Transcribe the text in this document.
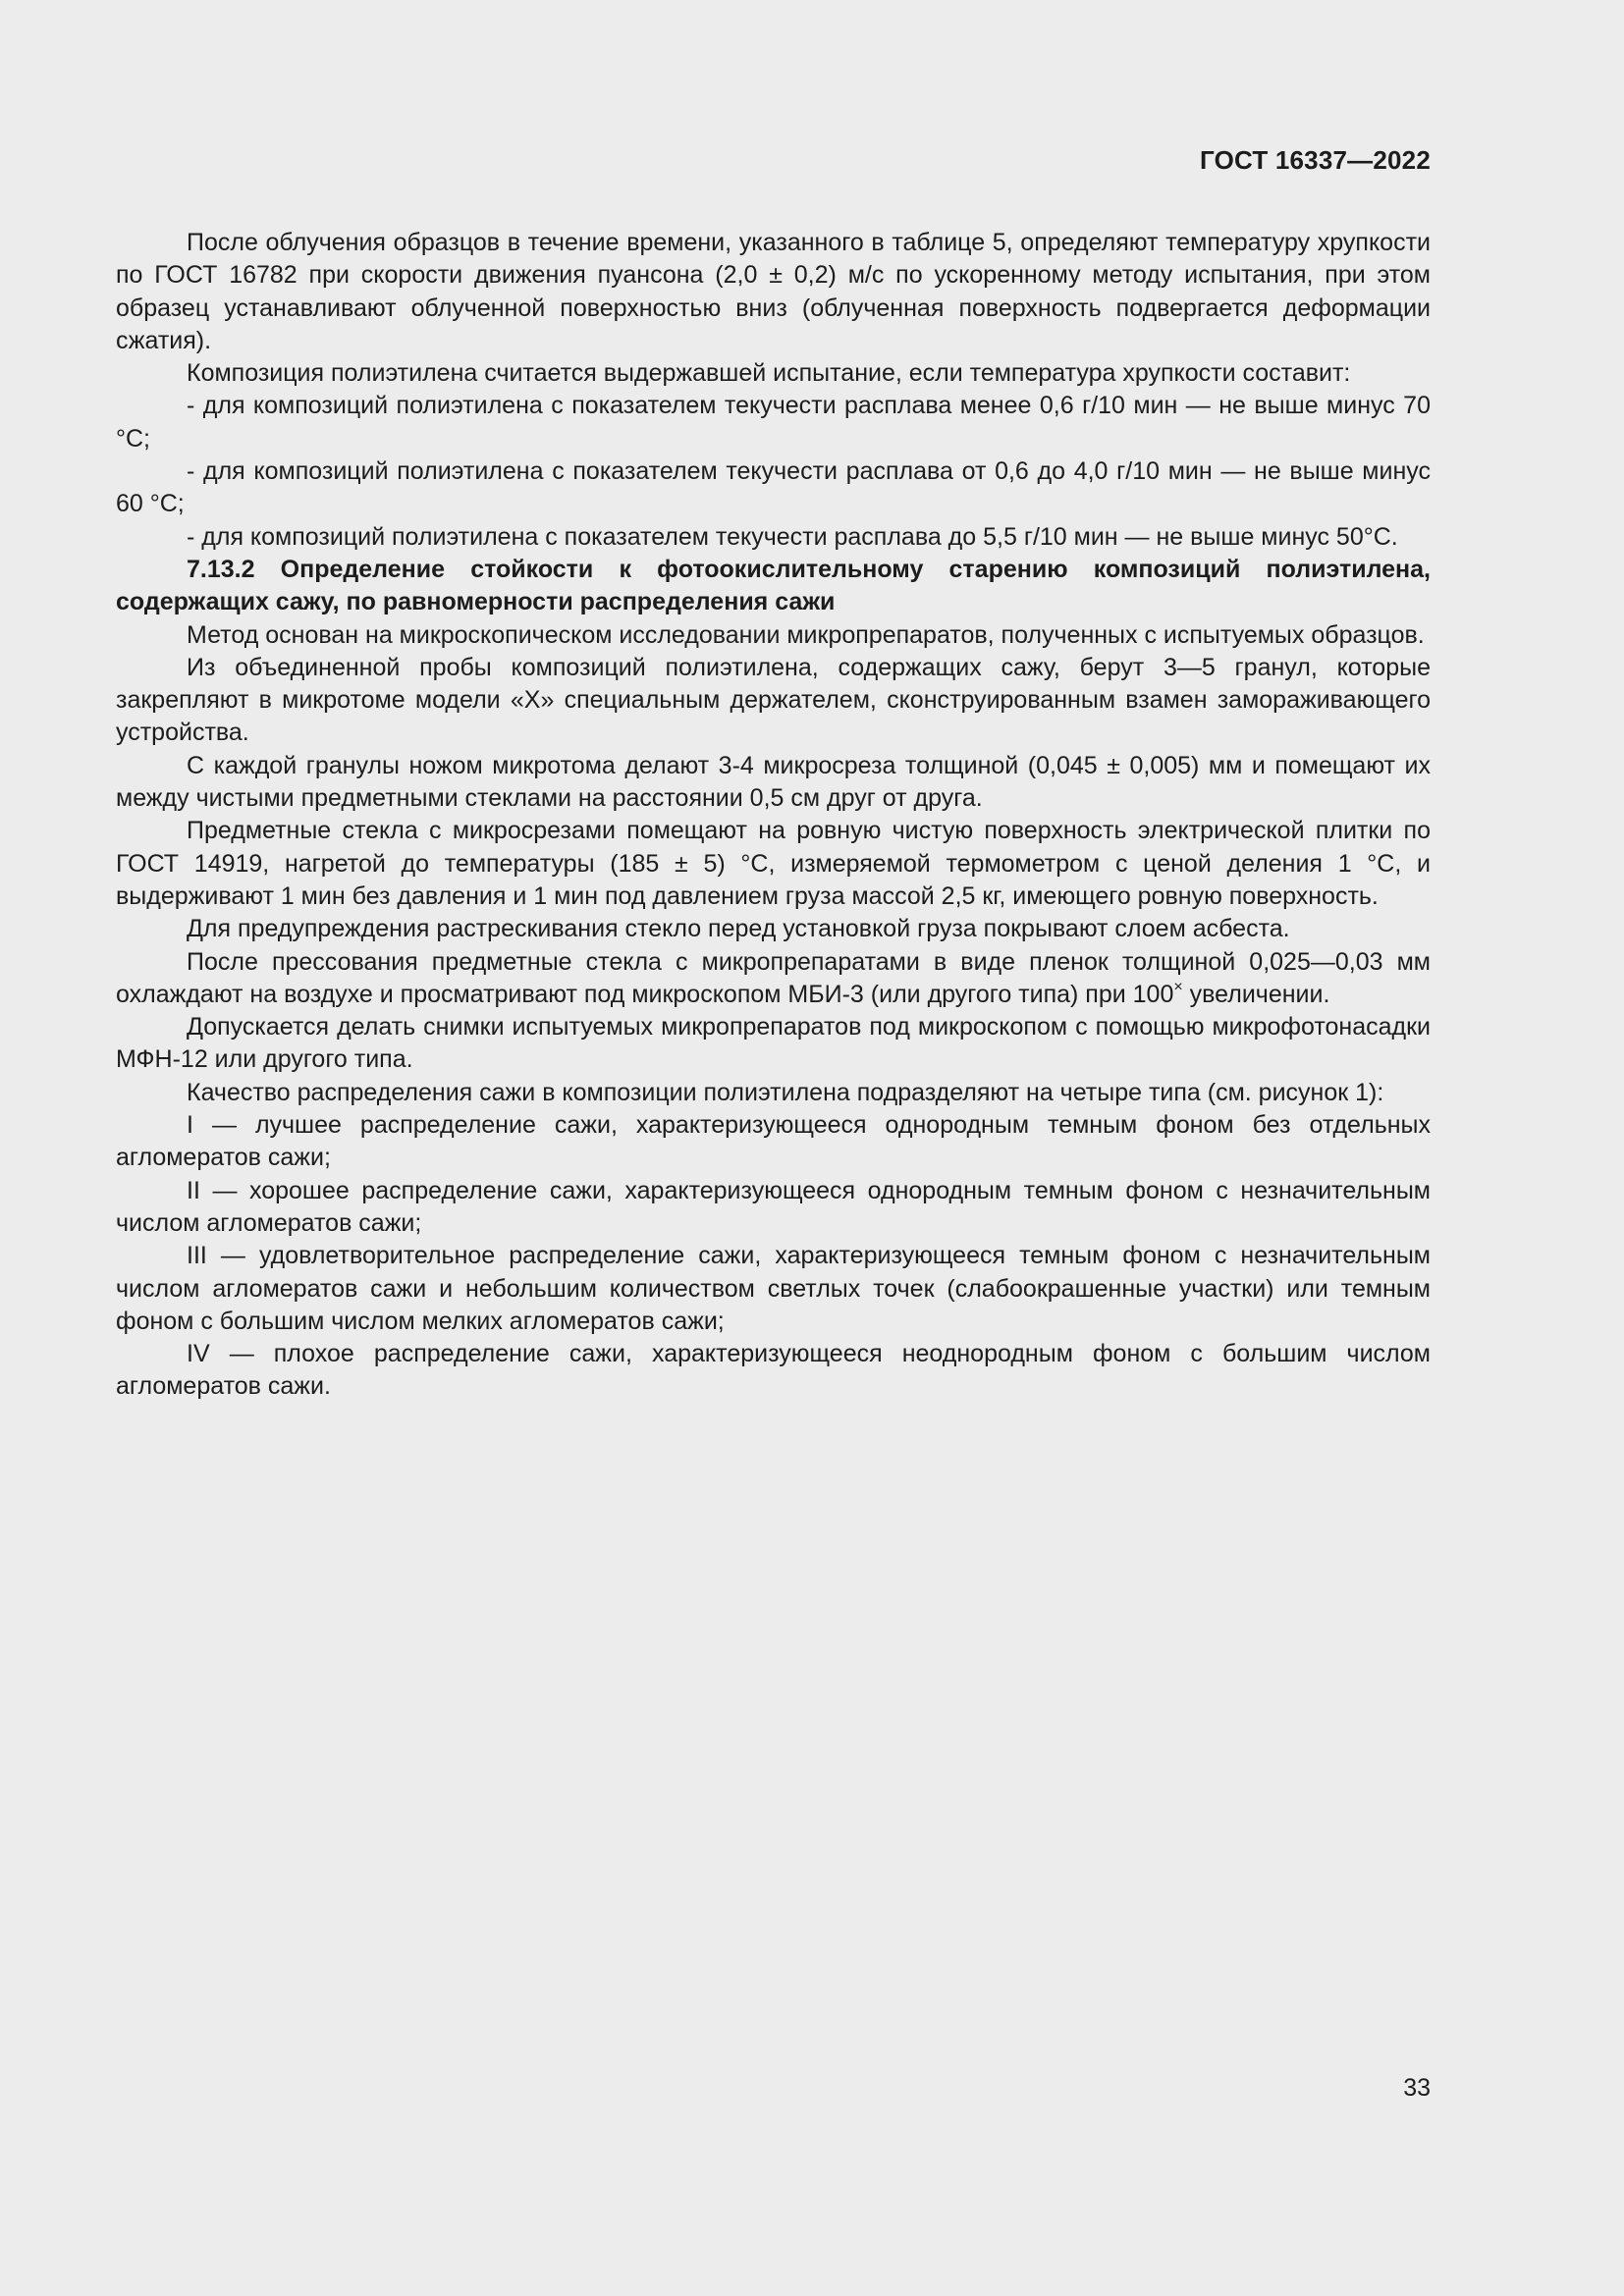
ГОСТ 16337—2022

После облучения образцов в течение времени, указанного в таблице 5, определяют температуру хрупкости по ГОСТ 16782 при скорости движения пуансона (2,0 ± 0,2) м/с по ускоренному методу испытания, при этом образец устанавливают облученной поверхностью вниз (облученная поверхность подвергается деформации сжатия).

Композиция полиэтилена считается выдержавшей испытание, если температура хрупкости составит:

- для композиций полиэтилена с показателем текучести расплава менее 0,6 г/10 мин — не выше минус 70 °C;

- для композиций полиэтилена с показателем текучести расплава от 0,6 до 4,0 г/10 мин — не выше минус 60 °C;

- для композиций полиэтилена с показателем текучести расплава до 5,5 г/10 мин — не выше минус 50°C.

7.13.2 Определение стойкости к фотоокислительному старению композиций полиэтилена, содержащих сажу, по равномерности распределения сажи

Метод основан на микроскопическом исследовании микропрепаратов, полученных с испытуемых образцов.

Из объединенной пробы композиций полиэтилена, содержащих сажу, берут 3—5 гранул, которые закрепляют в микротоме модели «Х» специальным держателем, сконструированным взамен замораживающего устройства.

С каждой гранулы ножом микротома делают 3-4 микросреза толщиной (0,045 ± 0,005) мм и помещают их между чистыми предметными стеклами на расстоянии 0,5 см друг от друга.

Предметные стекла с микросрезами помещают на ровную чистую поверхность электрической плитки по ГОСТ 14919, нагретой до температуры (185 ± 5) °C, измеряемой термометром с ценой деления 1 °C, и выдерживают 1 мин без давления и 1 мин под давлением груза массой 2,5 кг, имеющего ровную поверхность.

Для предупреждения растрескивания стекло перед установкой груза покрывают слоем асбеста.

После прессования предметные стекла с микропрепаратами в виде пленок толщиной 0,025—0,03 мм охлаждают на воздухе и просматривают под микроскопом МБИ-3 (или другого типа) при 100× увеличении.

Допускается делать снимки испытуемых микропрепаратов под микроскопом с помощью микрофотонасадки МФН-12 или другого типа.

Качество распределения сажи в композиции полиэтилена подразделяют на четыре типа (см. рисунок 1):

I — лучшее распределение сажи, характеризующееся однородным темным фоном без отдельных агломератов сажи;

II — хорошее распределение сажи, характеризующееся однородным темным фоном с незначительным числом агломератов сажи;

III — удовлетворительное распределение сажи, характеризующееся темным фоном с незначительным числом агломератов сажи и небольшим количеством светлых точек (слабоокрашенные участки) или темным фоном с большим числом мелких агломератов сажи;

IV — плохое распределение сажи, характеризующееся неоднородным фоном с большим числом агломератов сажи.

33
